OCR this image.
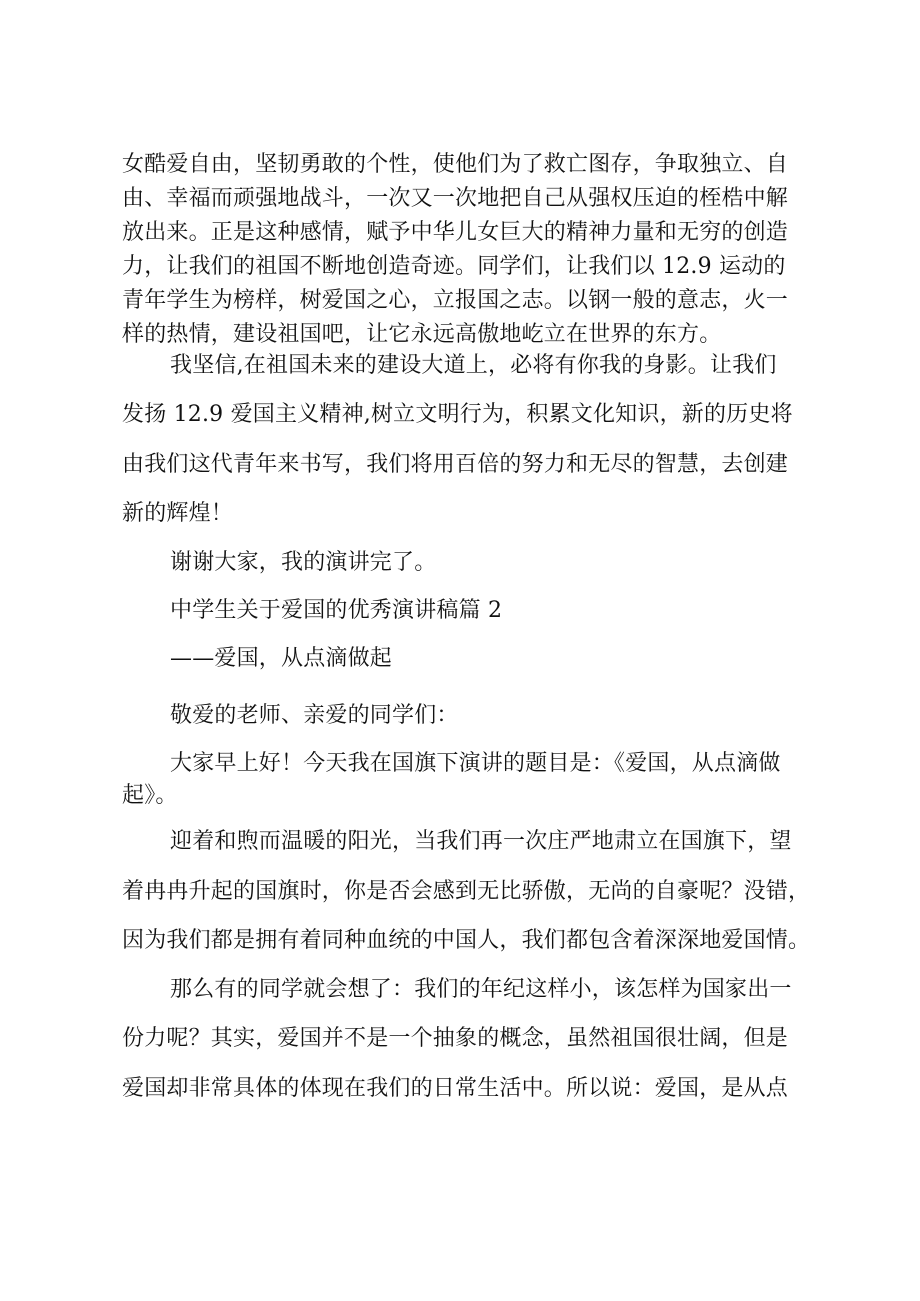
女酷爱自由，坚韧勇敢的个性，使他们为了救亡图存，争取独立、自
由、幸福而顽强地战斗，一次又一次地把自己从强权压迫的桎梏中解
放出来。正是这种感情，赋予中华儿女巨大的精神力量和无穷的创造
力，让我们的祖国不断地创造奇迹。同学们，让我们以 12.9 运动的
青年学生为榜样，树爱国之心，立报国之志。以钢一般的意志，火一
样的热情，建设祖国吧，让它永远高傲地屹立在世界的东方。
我坚信,在祖国未来的建设大道上，必将有你我的身影。让我们
发扬 12.9 爱国主义精神,树立文明行为，积累文化知识，新的历史将
由我们这代青年来书写，我们将用百倍的努力和无尽的智慧，去创建
新的辉煌！
谢谢大家，我的演讲完了。
中学生关于爱国的优秀演讲稿篇 2
——爱国，从点滴做起
敬爱的老师、亲爱的同学们：
大家早上好！今天我在国旗下演讲的题目是：《爱国，从点滴做
起》。
迎着和煦而温暖的阳光，当我们再一次庄严地肃立在国旗下，望
着冉冉升起的国旗时，你是否会感到无比骄傲，无尚的自豪呢？没错，
因为我们都是拥有着同种血统的中国人，我们都包含着深深地爱国情。
那么有的同学就会想了：我们的年纪这样小，该怎样为国家出一
份力呢？其实，爱国并不是一个抽象的概念，虽然祖国很壮阔，但是
爱国却非常具体的体现在我们的日常生活中。所以说：爱国，是从点
